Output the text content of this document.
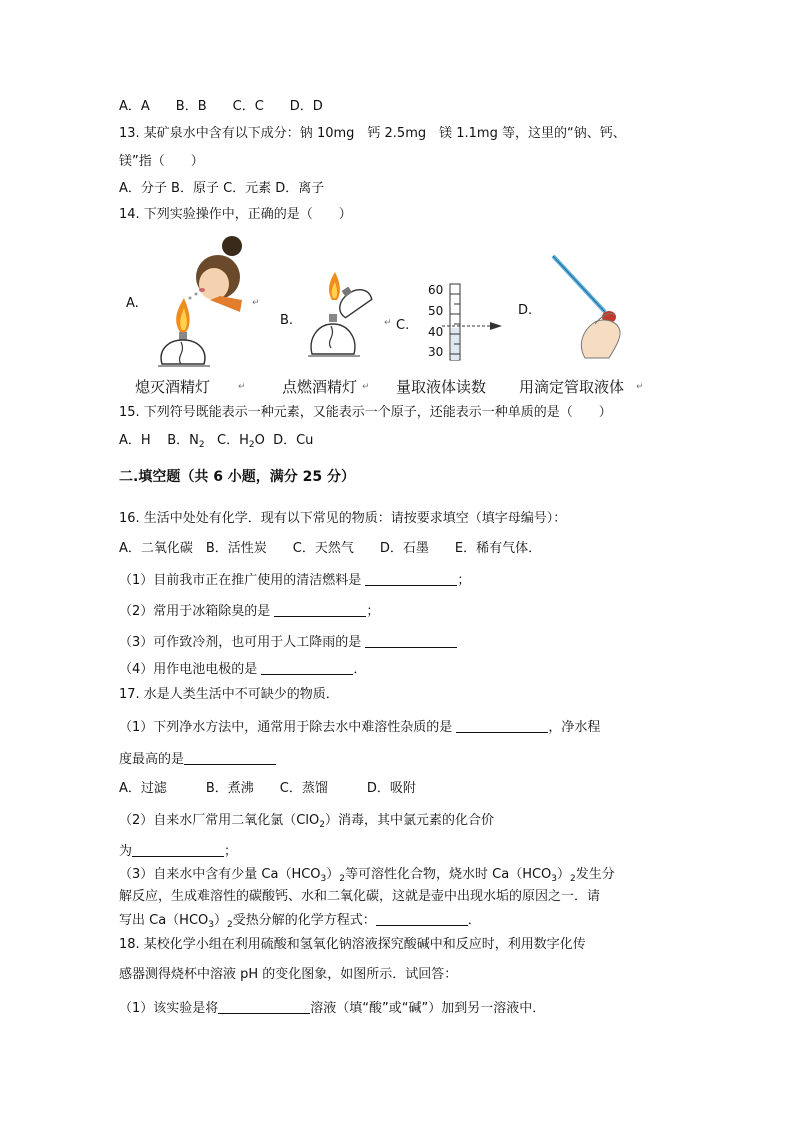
A．A　　B．B　　C．C　　D．D
13. 某矿泉水中含有以下成分：钠 10mg　钙 2.5mg　镁 1.1mg 等，这里的“钠、钙、
镁”指（　　）
A．分子 B．原子 C．元素 D．离子
14. 下列实验操作中，正确的是（　　）
A.
B.	C.
D.
↵
↵
60
50
40
30
熄灭酒精灯	↵ 点燃酒精灯 ↵ 量取液体读数 用滴定管取液体 ↵
15. 下列符号既能表示一种元素，又能表示一个原子，还能表示一种单质的是（　　）
A．H B．$N_2$ C．$H_2O$ D．Cu
二.填空题（共 6 小题，满分 25 分）
16. 生活中处处有化学．现有以下常见的物质：请按要求填空（填字母编号）：
A．二氧化碳　B．活性炭　　C．天然气　　D．石墨　　E．稀有气体．
（1）目前我市正在推广使用的清洁燃料是	；
（2）常用于冰箱除臭的是	；
（3）可作致冷剂，也可用于人工降雨的是
（4）用作电池电极的是	．
17. 水是人类生活中不可缺少的物质．
（1）下列净水方法中，通常用于除去水中难溶性杂质的是	，净水程
度最高的是
A．过滤　　　B．煮沸　　C．蒸馏　　　D．吸附
（2）自来水厂常用二氧化氯（ClO$_2$）消毒，其中氯元素的化合价
为	；
（3）自来水中含有少量 $Ca(HCO_3)_2$等可溶性化合物，烧水时 $Ca(HCO_3)_2$发生分
解反应，生成难溶性的碳酸钙、水和二氧化碳，这就是壶中出现水垢的原因之一．请
写出 $Ca(HCO_3)_2$受热分解的化学方程式：	．
18. 某校化学小组在利用硫酸和氢氧化钠溶液探究酸碱中和反应时，利用数字化传
感器测得烧杯中溶液 pH 的变化图象，如图所示．试回答：
（1）该实验是将	溶液（填“酸”或“碱”）加到另一溶液中．
